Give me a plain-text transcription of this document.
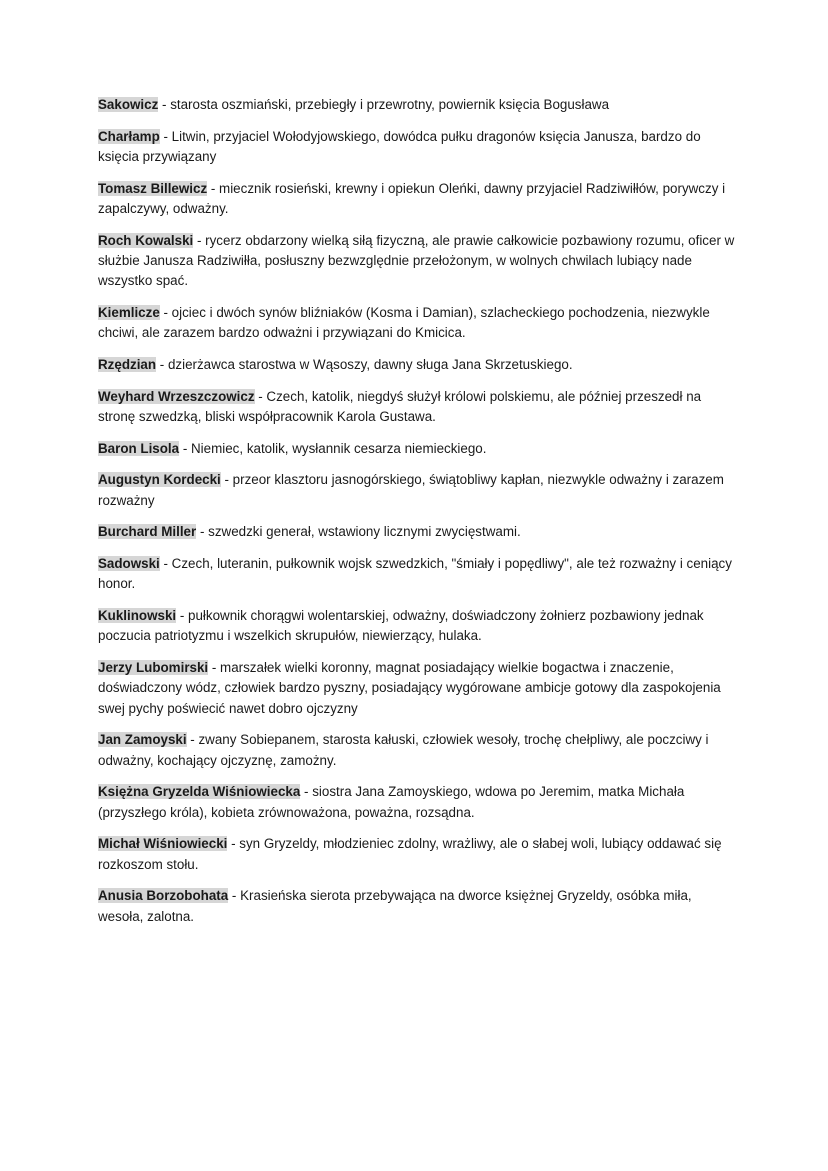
Sakowicz - starosta oszmiański, przebiegły i przewrotny, powiernik księcia Bogusława

Charłamp - Litwin, przyjaciel Wołodyjowskiego, dowódca pułku dragonów księcia Janusza, bardzo do księcia przywiązany

Tomasz Billewicz - miecznik rosieński, krewny i opiekun Oleńki, dawny przyjaciel Radziwiłłów, porywczy i zapalczywy, odważny.

Roch Kowalski - rycerz obdarzony wielką siłą fizyczną, ale prawie całkowicie pozbawiony rozumu, oficer w służbie Janusza Radziwiłła, posłuszny bezwzględnie przełożonym, w wolnych chwilach lubiący nade wszystko spać.

Kiemlicze - ojciec i dwóch synów bliźniaków (Kosma i Damian), szlacheckiego pochodzenia, niezwykle chciwi, ale zarazem bardzo odważni i przywiązani do Kmicica.

Rzędzian - dzierżawca starostwa w Wąsoszy, dawny sługa Jana Skrzetuskiego.

Weyhard Wrzeszczowicz - Czech, katolik, niegdyś służył królowi polskiemu, ale później przeszedł na stronę szwedzką, bliski współpracownik Karola Gustawa.

Baron Lisola - Niemiec, katolik, wysłannik cesarza niemieckiego.

Augustyn Kordecki - przeor klasztoru jasnogórskiego, świątobliwy kapłan, niezwykle odważny i zarazem rozważny

Burchard Miller - szwedzki generał, wstawiony licznymi zwycięstwami.

Sadowski - Czech, luteranin, pułkownik wojsk szwedzkich, "śmiały i popędliwy", ale też rozważny i ceniący honor.

Kuklinowski - pułkownik chorągwi wolentarskiej, odważny, doświadczony żołnierz pozbawiony jednak poczucia patriotyzmu i wszelkich skrupułów, niewierzący, hulaka.

Jerzy Lubomirski - marszałek wielki koronny, magnat posiadający wielkie bogactwa i znaczenie, doświadczony wódz, człowiek bardzo pyszny, posiadający wygórowane ambicje gotowy dla zaspokojenia swej pychy poświecić nawet dobro ojczyzny

Jan Zamoyski - zwany Sobiepanem, starosta kałuski, człowiek wesoły, trochę chełpliwy, ale poczciwy i odważny, kochający ojczyznę, zamożny.

Księżna Gryzelda Wiśniowiecka - siostra Jana Zamoyskiego, wdowa po Jeremim, matka Michała (przyszłego króla), kobieta zrównoważona, poważna, rozsądna.

Michał Wiśniowiecki - syn Gryzeldy, młodzieniec zdolny, wrażliwy, ale o słabej woli, lubiący oddawać się rozkoszom stołu.

Anusia Borzobohata - Krasieńska sierota przebywająca na dworce księżnej Gryzeldy, osóbka miła, wesoła, zalotna.
